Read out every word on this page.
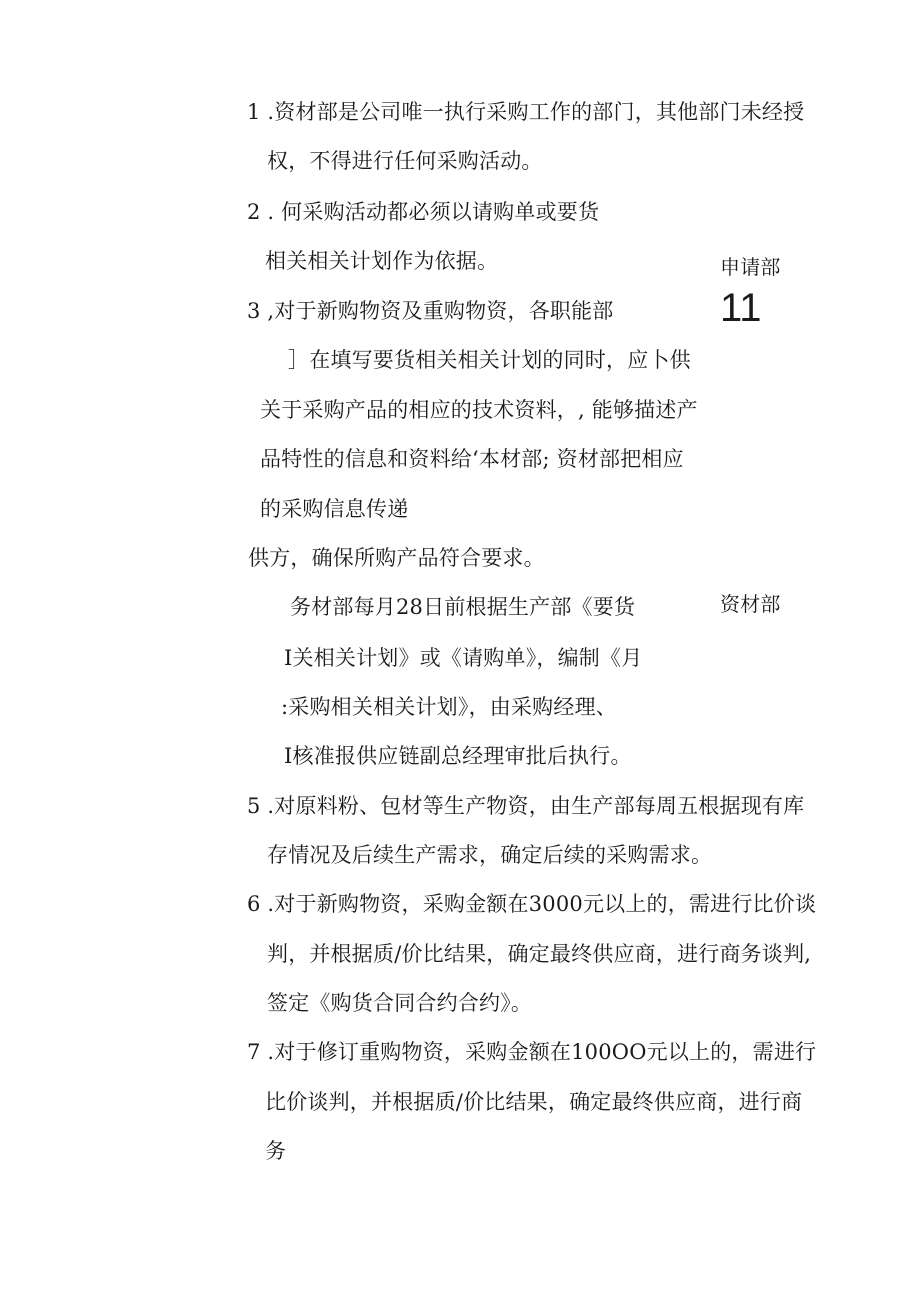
1 .资材部是公司唯一执行采购工作的部门，其他部门未经授
权，不得进行任何采购活动。
2 . 何采购活动都必须以请购单或要货
相关相关计划作为依据。
3 ,对于新购物资及重购物资，各职能部
］在填写要货相关相关计划的同时，应卜供
关于采购产品的相应的技术资料，, 能够描述产
品特性的信息和资料给‘本材部; 资材部把相应
的采购信息传递
供方，确保所购产品符合要求。
务材部每月28日前根据生产部《要货
I关相关计划》或《请购单》，编制《月
:采购相关相关计划》，由采购经理、
I核准报供应链副总经理审批后执行。
5 .对原料粉、包材等生产物资，由生产部每周五根据现有库
存情况及后续生产需求，确定后续的采购需求。
6 .对于新购物资，采购金额在3000元以上的，需进行比价谈
判，并根据质/价比结果，确定最终供应商，进行商务谈判,
签定《购货合同合约合约》。
7 .对于修订重购物资，采购金额在100OO元以上的，需进行
比价谈判，并根据质/价比结果，确定最终供应商，进行商
务
申请部
11
资材部
